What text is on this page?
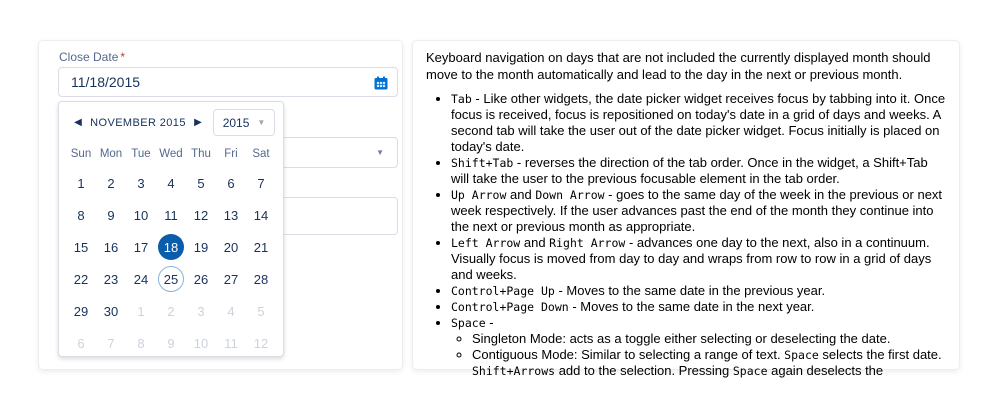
Close Date *
11/18/2015
▼
◀ NOVEMBER 2015 ▶	2015 ▼
Sun Mon Tue Wed Thu	Fri	Sat
1	2	3	4	5	6	7
8	9	10	11	12	13	14
15	16	17	18	19	20	21
22	23	24	25	26	27	28
29	30	1	2	3	4	5
6	7	8	9	10	11	12

Keyboard navigation on days that are not included the currently displayed month should move to the month automatically and lead to the day in the next or previous month.

• Tab - Like other widgets, the date picker widget receives focus by tabbing into it. Once focus is received, focus is repositioned on today's date in a grid of days and weeks. A second tab will take the user out of the date picker widget. Focus initially is placed on today's date.
• Shift+Tab - reverses the direction of the tab order. Once in the widget, a Shift+Tab will take the user to the previous focusable element in the tab order.
• Up Arrow and Down Arrow - goes to the same day of the week in the previous or next week respectively. If the user advances past the end of the month they continue into the next or previous month as appropriate.
• Left Arrow and Right Arrow - advances one day to the next, also in a continuum. Visually focus is moved from day to day and wraps from row to row in a grid of days and weeks.
• Control+Page Up - Moves to the same date in the previous year.
• Control+Page Down - Moves to the same date in the next year.
• Space -
◦ Singleton Mode: acts as a toggle either selecting or deselecting the date.
◦ Contiguous Mode: Similar to selecting a range of text. Space selects the first date. Shift+Arrows add to the selection. Pressing Space again deselects the
